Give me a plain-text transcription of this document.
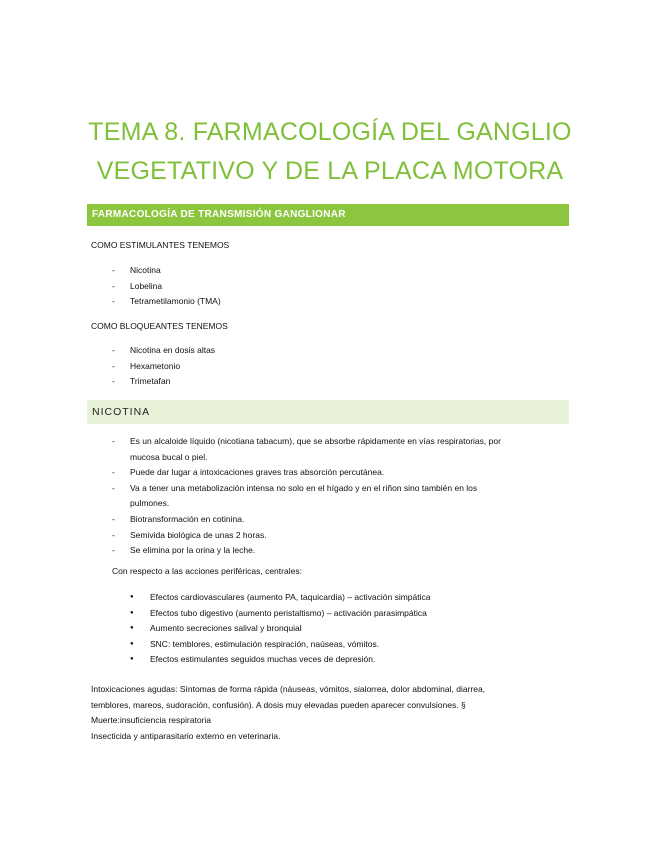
TEMA 8. FARMACOLOGÍA DEL GANGLIO
VEGETATIVO Y DE LA PLACA MOTORA
FARMACOLOGÍA DE TRANSMISIÓN GANGLIONAR
COMO ESTIMULANTES TENEMOS
- Nicotina
- Lobelina
- Tetrametilamonio (TMA)
COMO BLOQUEANTES TENEMOS
- Nicotina en dosis altas
- Hexametonio
- Trimetafan
NICOTINA
- Es un alcaloide líquido (nicotiana tabacum), que se absorbe rápidamente en vías respiratorias, por
mucosa bucal o piel.
- Puede dar lugar a intoxicaciones graves tras absorción percutánea.
- Va a tener una metabolización intensa no solo en el hígado y en el riñon sino también en los
pulmones.
- Biotransformación en cotinina.
- Semivida biológica de unas 2 horas.
- Se elimina por la orina y la leche.
Con respecto a las acciones periféricas, centrales:
● Efectos cardiovasculares (aumento PA, taquicardia) – activación simpática
● Efectos tubo digestivo (aumento peristaltismo) – activación parasimpática
● Aumento secreciones salival y bronquial
● SNC: temblores, estimulación respiración, naúseas, vómitos.
● Efectos estimulantes seguidos muchas veces de depresión.
Intoxicaciones agudas: Síntomas de forma rápida (náuseas, vómitos, sialorrea, dolor abdominal, diarrea,
temblores, mareos, sudoración, confusión). A dosis muy elevadas pueden aparecer convulsiones. §
Muerte:insuficiencia respiratoria
Insecticida y antiparasitario externo en veterinaria.
